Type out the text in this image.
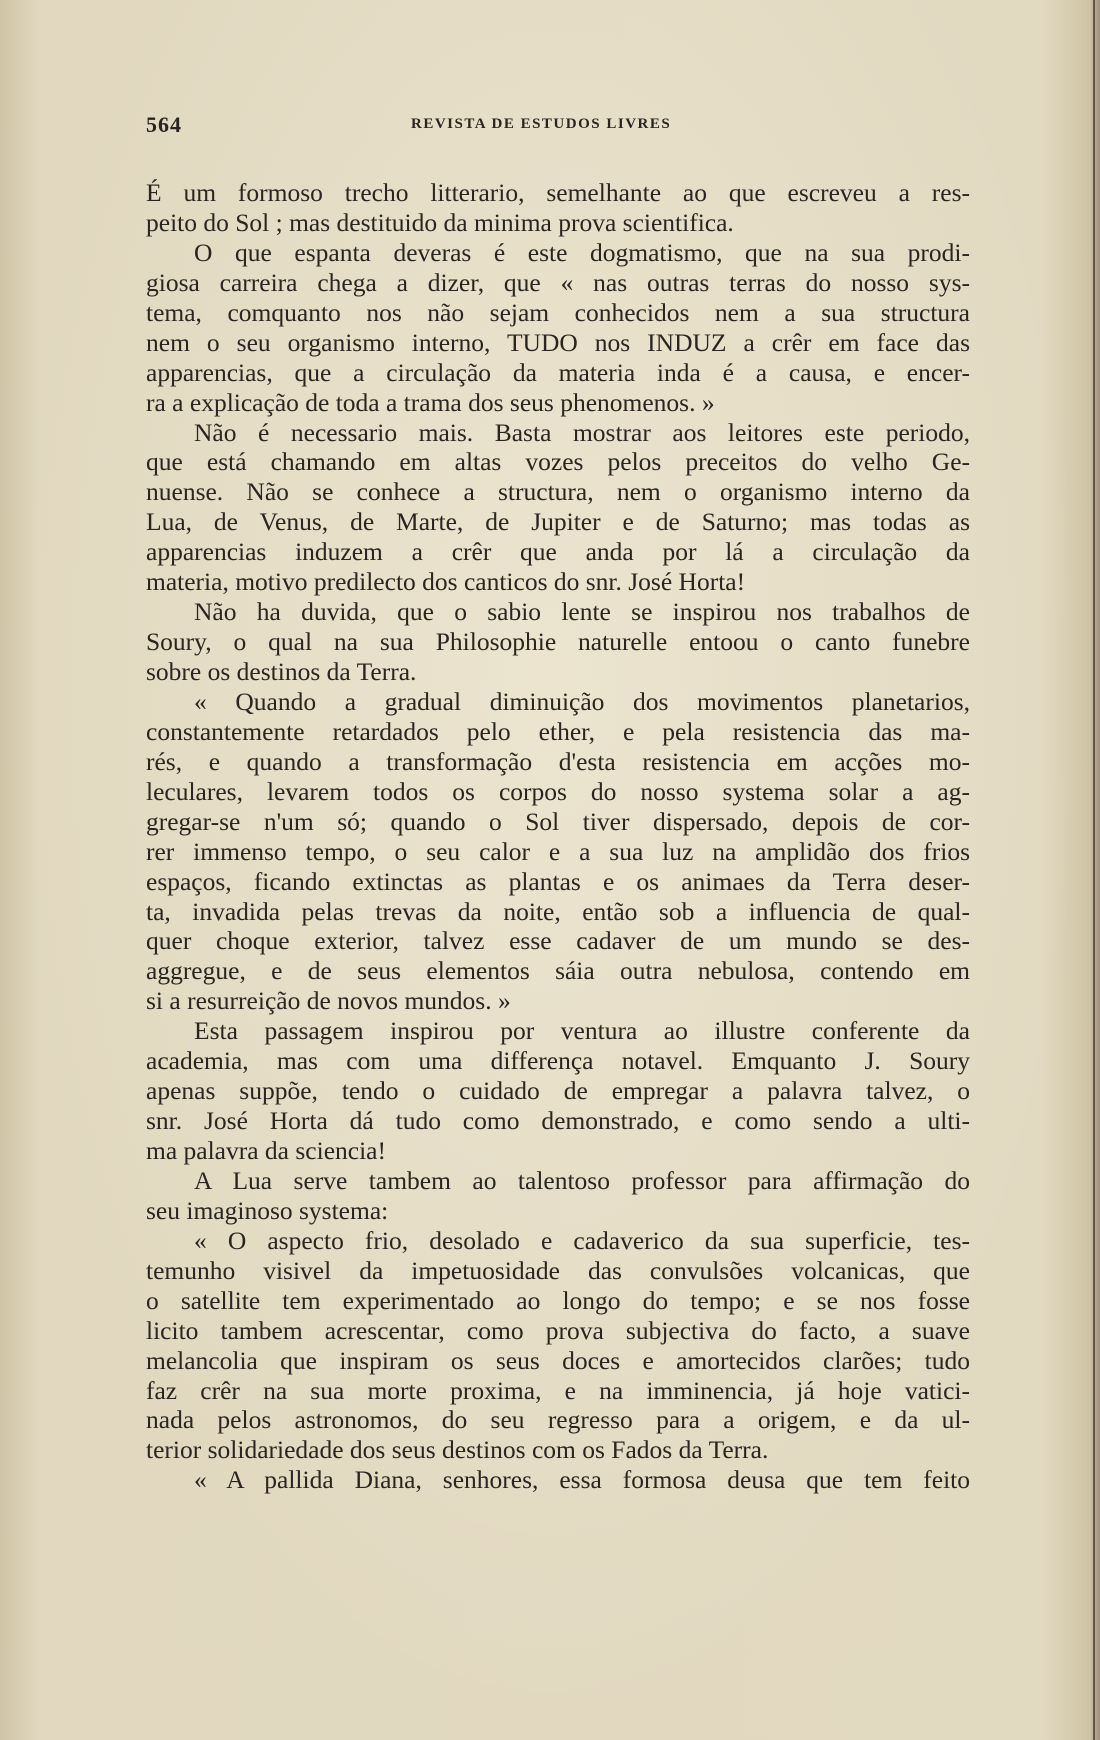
564	REVISTA DE ESTUDOS LIVRES
É um formoso trecho litterario, semelhante ao que escreveu a res-
peito do Sol ; mas destituido da minima prova scientifica.
O que espanta deveras é este dogmatismo, que na sua prodi-
giosa carreira chega a dizer, que « nas outras terras do nosso sys-
tema, comquanto nos não sejam conhecidos nem a sua structura
nem o seu organismo interno, TUDO nos INDUZ a crêr em face das
apparencias, que a circulação da materia inda é a causa, e encer-
ra a explicação de toda a trama dos seus phenomenos. »
Não é necessario mais. Basta mostrar aos leitores este periodo,
que está chamando em altas vozes pelos preceitos do velho Ge-
nuense. Não se conhece a structura, nem o organismo interno da
Lua, de Venus, de Marte, de Jupiter e de Saturno; mas todas as
apparencias induzem a crêr que anda por lá a circulação da
materia, motivo predilecto dos canticos do snr. José Horta!
Não ha duvida, que o sabio lente se inspirou nos trabalhos de
Soury, o qual na sua Philosophie naturelle entoou o canto funebre
sobre os destinos da Terra.
« Quando a gradual diminuição dos movimentos planetarios,
constantemente retardados pelo ether, e pela resistencia das ma-
rés, e quando a transformação d'esta resistencia em acções mo-
leculares, levarem todos os corpos do nosso systema solar a ag-
gregar-se n'um só; quando o Sol tiver dispersado, depois de cor-
rer immenso tempo, o seu calor e a sua luz na amplidão dos frios
espaços, ficando extinctas as plantas e os animaes da Terra deser-
ta, invadida pelas trevas da noite, então sob a influencia de qual-
quer choque exterior, talvez esse cadaver de um mundo se des-
aggregue, e de seus elementos sáia outra nebulosa, contendo em
si a resurreição de novos mundos. »
Esta passagem inspirou por ventura ao illustre conferente da
academia, mas com uma differença notavel. Emquanto J. Soury
apenas suppõe, tendo o cuidado de empregar a palavra talvez, o
snr. José Horta dá tudo como demonstrado, e como sendo a ulti-
ma palavra da sciencia!
A Lua serve tambem ao talentoso professor para affirmação do
seu imaginoso systema:
« O aspecto frio, desolado e cadaverico da sua superficie, tes-
temunho visivel da impetuosidade das convulsões volcanicas, que
o satellite tem experimentado ao longo do tempo; e se nos fosse
licito tambem acrescentar, como prova subjectiva do facto, a suave
melancolia que inspiram os seus doces e amortecidos clarões; tudo
faz crêr na sua morte proxima, e na imminencia, já hoje vatici-
nada pelos astronomos, do seu regresso para a origem, e da ul-
terior solidariedade dos seus destinos com os Fados da Terra.
« A pallida Diana, senhores, essa formosa deusa que tem feito
